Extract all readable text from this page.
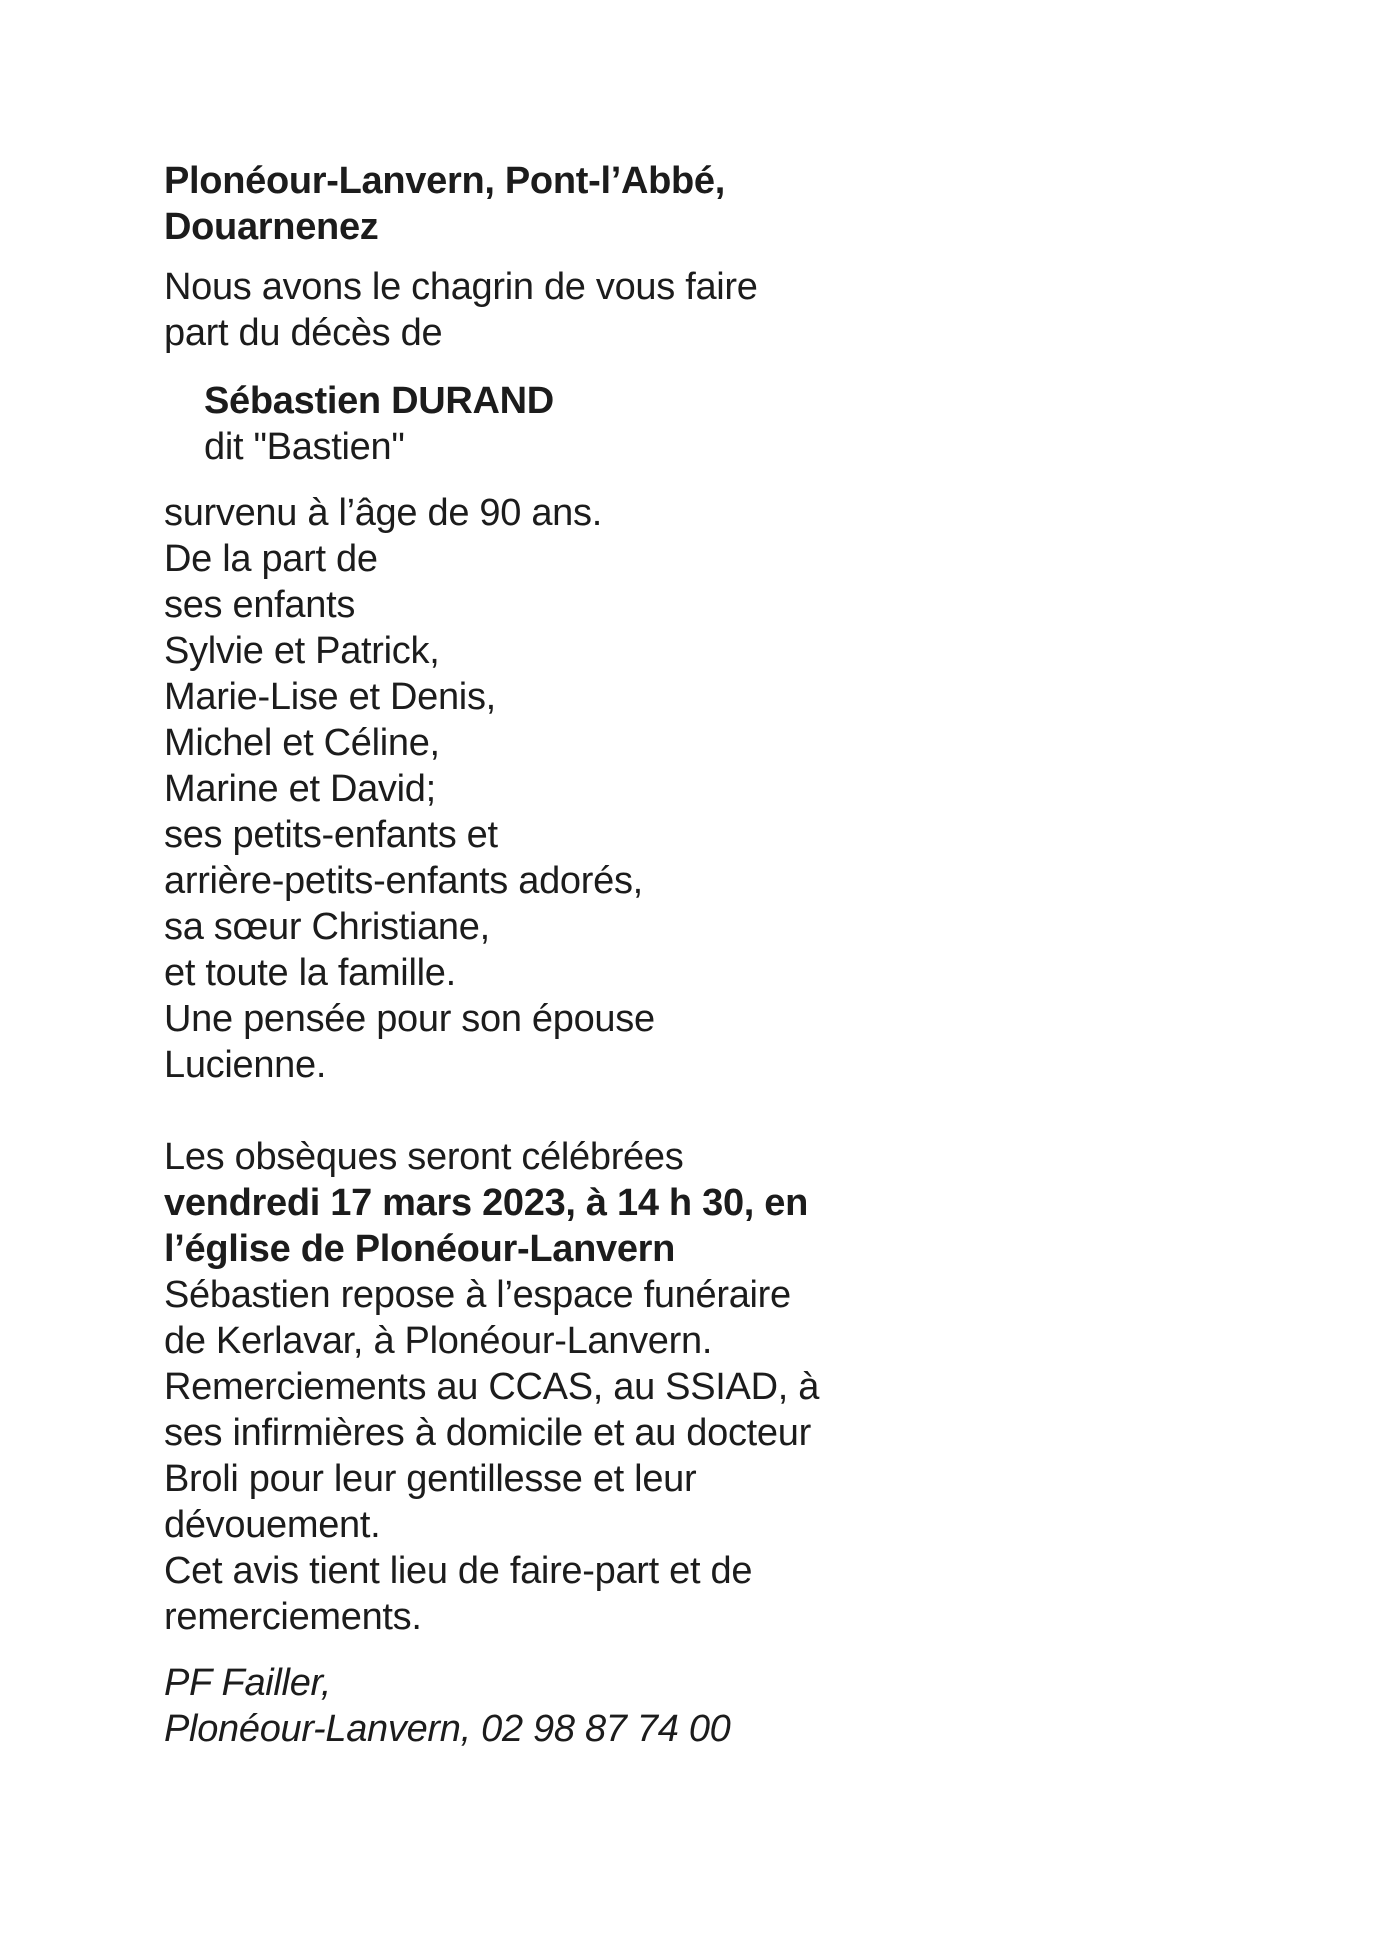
Plonéour-Lanvern, Pont-l’Abbé,
Douarnenez
Nous avons le chagrin de vous faire
part du décès de
Sébastien DURAND
dit "Bastien"
survenu à l’âge de 90 ans.
De la part de
ses enfants
Sylvie et Patrick,
Marie-Lise et Denis,
Michel et Céline,
Marine et David;
ses petits-enfants et
arrière-petits-enfants adorés,
sa sœur Christiane,
et toute la famille.
Une pensée pour son épouse
Lucienne.
Les obsèques seront célébrées
vendredi 17 mars 2023, à 14 h 30, en
l’église de Plonéour-Lanvern
Sébastien repose à l’espace funéraire
de Kerlavar, à Plonéour-Lanvern.
Remerciements au CCAS, au SSIAD, à
ses infirmières à domicile et au docteur
Broli pour leur gentillesse et leur
dévouement.
Cet avis tient lieu de faire-part et de
remerciements.
PF Failler,
Plonéour-Lanvern, 02 98 87 74 00
